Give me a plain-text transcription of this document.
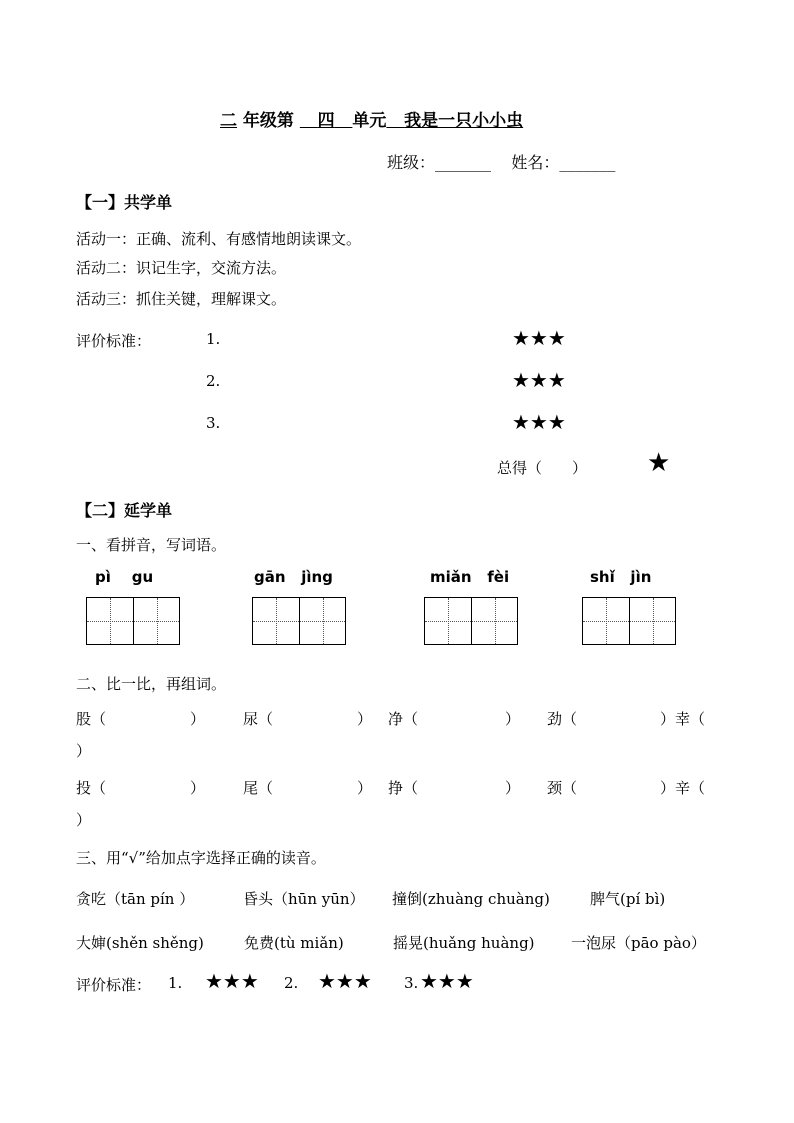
二 年级第 四 单元 我是一只小小虫
班级：_______ 姓名：_______
【一】共学单
活动一：正确、流利、有感情地朗读课文。
活动二：识记生字，交流方法。
活动三：抓住关键，理解课文。
评价标准：	1.	★★★
2.	★★★
3.	★★★
总得（　　） ★
【二】延学单
一、看拼音，写词语。
pì gu	gān jìng	miǎn fèi	shǐ jìn
二、比一比，再组词。
股（	）	尿（	） 净（	） 劲（	）幸（
）
投（	）	尾（	） 挣（	） 颈（	）辛（
）
三、用“√”给加点字选择正确的读音。
贪吃（tān pín ）	昏头（hūn yūn） 撞倒(zhuàng chuàng)	脾气(pí bì)
大婶(shěn shěng)	免费(tù miǎn)	摇晃(huǎng huàng) 一泡尿（pāo pào）
评价标准： 1. ★★★ 2. ★★★ 3. ★★★
